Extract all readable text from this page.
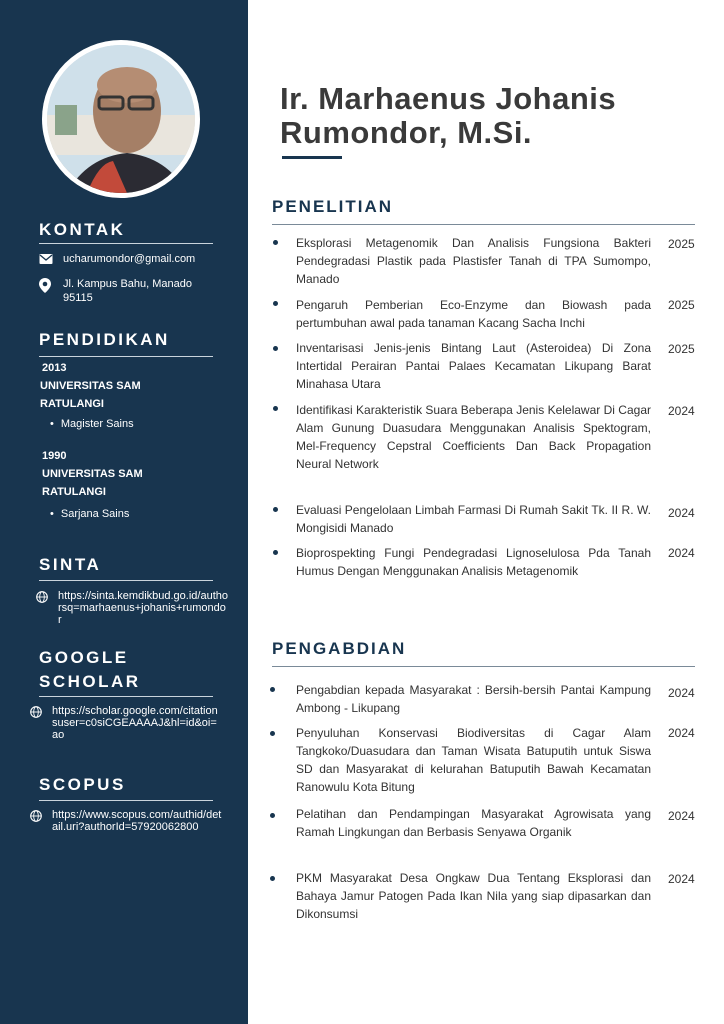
KONTAK
ucharumondor@gmail.com
Jl. Kampus Bahu, Manado
95115
PENDIDIKAN
2013
UNIVERSITAS SAM
RATULANGI
• Magister Sains
1990
UNIVERSITAS SAM
RATULANGI
• Sarjana Sains
SINTA
https://sinta.kemdikbud.go.id/authorsq=marhaenus+johanis+rumondor
GOOGLE
SCHOLAR
https://scholar.google.com/citationsuser=c0siCGEAAAAJ&hl=id&oi=ao
SCOPUS
https://www.scopus.com/authid/detail.uri?authorId=57920062800
Ir. Marhaenus Johanis
Rumondor, M.Si.
PENELITIAN
Eksplorasi Metagenomik Dan Analisis Fungsiona Bakteri Pendegradasi Plastik pada Plastisfer Tanah di TPA Sumompo, Manado
2025
Pengaruh Pemberian Eco-Enzyme dan Biowash pada pertumbuhan awal pada tanaman Kacang Sacha Inchi
2025
Inventarisasi Jenis-jenis Bintang Laut (Asteroidea) Di Zona Intertidal Perairan Pantai Palaes Kecamatan Likupang Barat Minahasa Utara
2025
Identifikasi Karakteristik Suara Beberapa Jenis Kelelawar Di Cagar Alam Gunung Duasudara Menggunakan Analisis Spektogram, Mel-Frequency Cepstral Coefficients Dan Back Propagation Neural Network
2024
Evaluasi Pengelolaan Limbah Farmasi Di Rumah Sakit Tk. II R. W. Mongisidi Manado
2024
Bioprospekting Fungi Pendegradasi Lignoselulosa Pda Tanah Humus Dengan Menggunakan Analisis Metagenomik
2024
PENGABDIAN
Pengabdian kepada Masyarakat : Bersih-bersih Pantai Kampung Ambong - Likupang
2024
Penyuluhan Konservasi Biodiversitas di Cagar Alam Tangkoko/Duasudara dan Taman Wisata Batuputih untuk Siswa SD dan Masyarakat di kelurahan Batuputih Bawah Kecamatan Ranowulu Kota Bitung
2024
Pelatihan dan Pendampingan Masyarakat Agrowisata yang Ramah Lingkungan dan Berbasis Senyawa Organik
2024
PKM Masyarakat Desa Ongkaw Dua Tentang Eksplorasi dan Bahaya Jamur Patogen Pada Ikan Nila yang siap dipasarkan dan Dikonsumsi
2024
